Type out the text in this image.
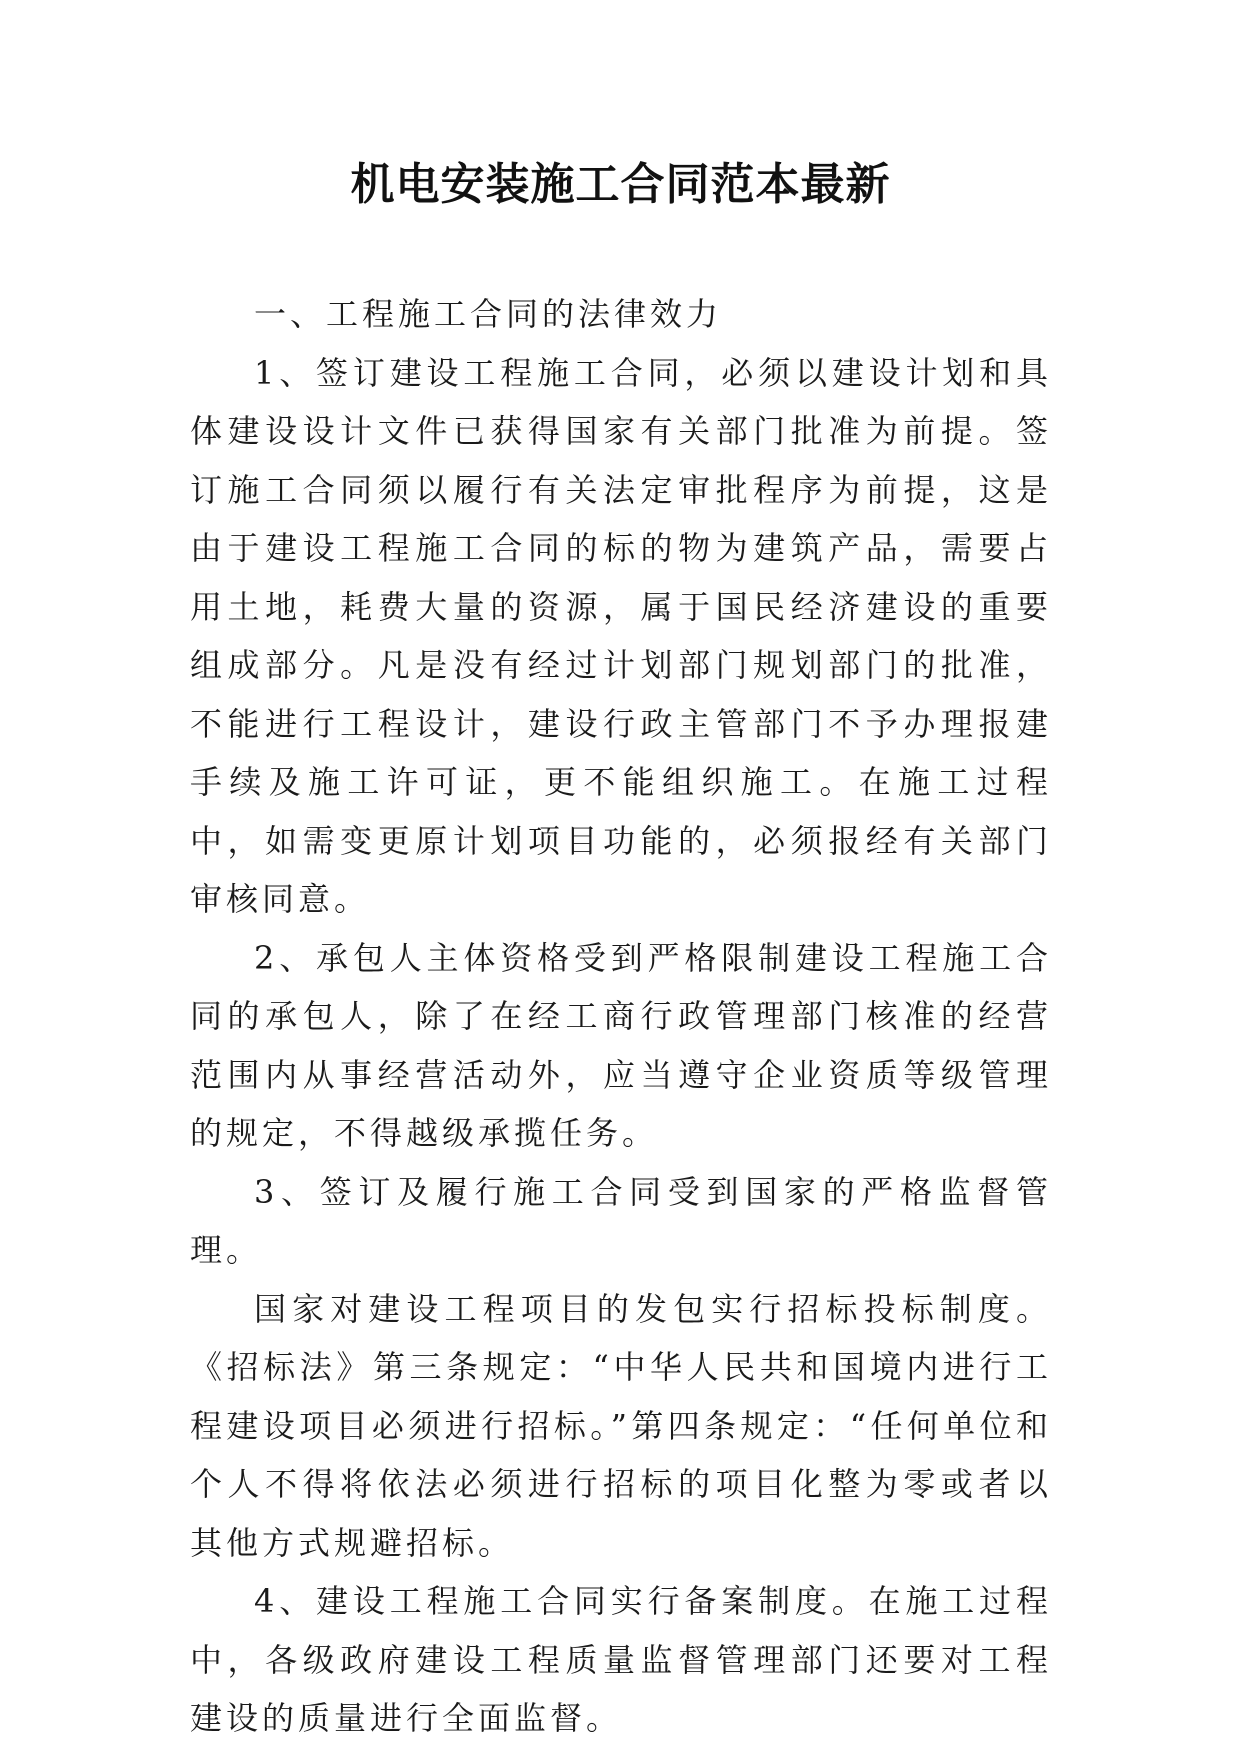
机电安装施工合同范本最新

一、工程施工合同的法律效力

1、签订建设工程施工合同，必须以建设计划和具体建设设计文件已获得国家有关部门批准为前提。签订施工合同须以履行有关法定审批程序为前提，这是由于建设工程施工合同的标的物为建筑产品，需要占用土地，耗费大量的资源，属于国民经济建设的重要组成部分。凡是没有经过计划部门规划部门的批准，不能进行工程设计，建设行政主管部门不予办理报建手续及施工许可证，更不能组织施工。在施工过程中，如需变更原计划项目功能的，必须报经有关部门审核同意。

2、承包人主体资格受到严格限制建设工程施工合同的承包人，除了在经工商行政管理部门核准的经营范围内从事经营活动外，应当遵守企业资质等级管理的规定，不得越级承揽任务。

3、签订及履行施工合同受到国家的严格监督管理。

国家对建设工程项目的发包实行招标投标制度。《招标法》第三条规定：“中华人民共和国境内进行工程建设项目必须进行招标。”第四条规定：“任何单位和个人不得将依法必须进行招标的项目化整为零或者以其他方式规避招标。

4、建设工程施工合同实行备案制度。在施工过程中，各级政府建设工程质量监督管理部门还要对工程建设的质量进行全面监督。
